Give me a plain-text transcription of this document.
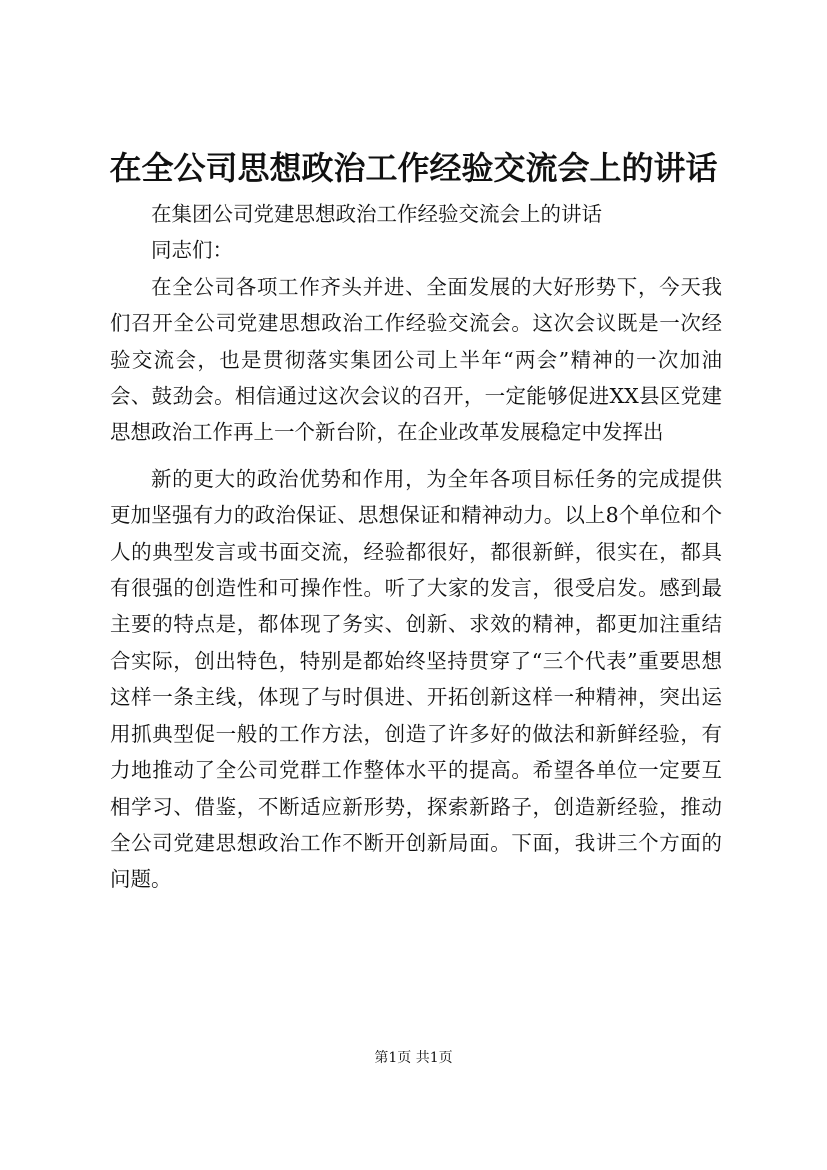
在全公司思想政治工作经验交流会上的讲话

在集团公司党建思想政治工作经验交流会上的讲话

同志们：

在全公司各项工作齐头并进、全面发展的大好形势下，今天我们召开全公司党建思想政治工作经验交流会。这次会议既是一次经验交流会，也是贯彻落实集团公司上半年“两会”精神的一次加油会、鼓劲会。相信通过这次会议的召开，一定能够促进XX县区党建思想政治工作再上一个新台阶，在企业改革发展稳定中发挥出

新的更大的政治优势和作用，为全年各项目标任务的完成提供更加坚强有力的政治保证、思想保证和精神动力。以上8个单位和个人的典型发言或书面交流，经验都很好，都很新鲜，很实在，都具有很强的创造性和可操作性。听了大家的发言，很受启发。感到最主要的特点是，都体现了务实、创新、求效的精神，都更加注重结合实际，创出特色，特别是都始终坚持贯穿了“三个代表”重要思想这样一条主线，体现了与时俱进、开拓创新这样一种精神，突出运用抓典型促一般的工作方法，创造了许多好的做法和新鲜经验，有力地推动了全公司党群工作整体水平的提高。希望各单位一定要互相学习、借鉴，不断适应新形势，探索新路子，创造新经验，推动全公司党建思想政治工作不断开创新局面。下面，我讲三个方面的问题。

第1页 共1页
